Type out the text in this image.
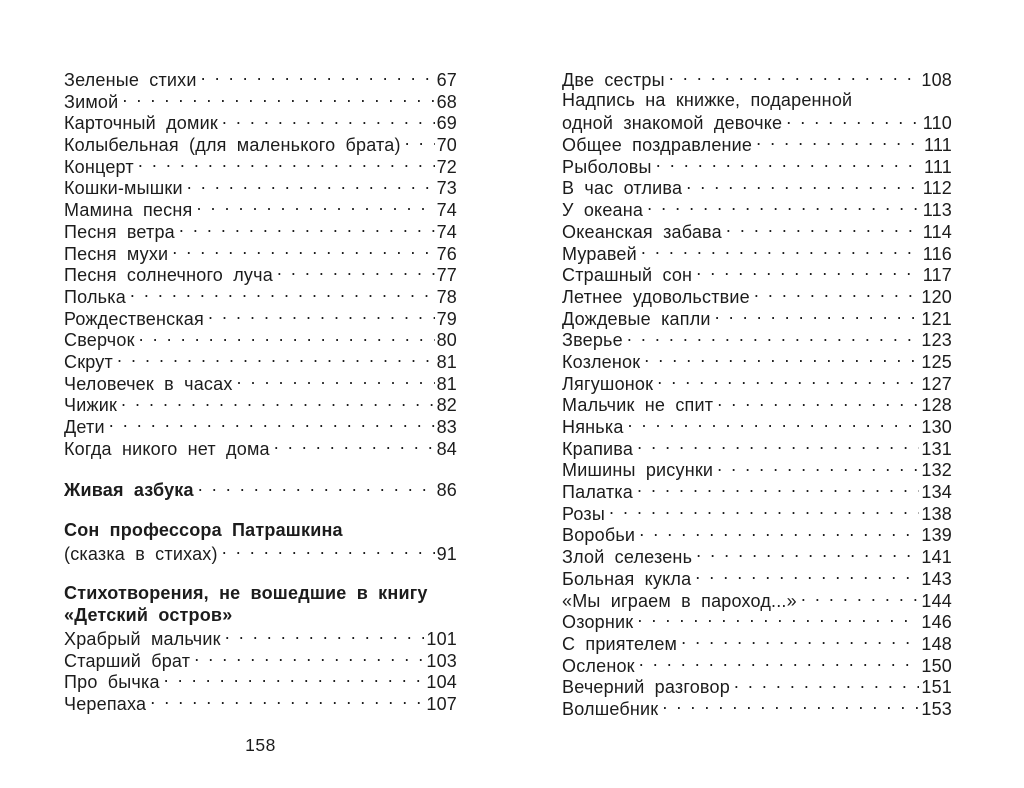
Зеленые стихи . . .	67
Зимой . . .	68
Карточный домик . . .	69
Колыбельная (для маленького брата) . . . 70
Концерт . . .	72
Кошки-мышки . . .	73
Мамина песня . . .	74
Песня ветра . . .	74
Песня мухи . . .	76
Песня солнечного луча . . .	77
Полька . . .	78
Рождественская . . .	79
Сверчок . . .	80
Скрут . . .	81
Человечек в часах . . .	81
Чижик . . .	82
Дети . . .	83
Когда никого нет дома . . .	84
Живая азбука . . .	86
Сон профессора Патрашкина
(сказка в стихах) . . .	91
Стихотворения, не вошедшие в книгу
«Детский остров»
Храбрый мальчик . . .	101
Старший брат . . .	103
Про бычка . . .	104
Черепаха . . .	107
Две сестры . . .	108
Надпись на книжке, подаренной
одной знакомой девочке . . .	110
Общее поздравление . . .	111
Рыболовы . . .	111
В час отлива . . .	112
У океана . . .	113
Океанская забава . . .	114
Муравей . . .	116
Страшный сон . . .	117
Летнее удовольствие . . .	120
Дождевые капли . . .	121
Зверье . . .	123
Козленок . . .	125
Лягушонок . . .	127
Мальчик не спит . . .	128
Нянька . . .	130
Крапива . . .	131
Мишины рисунки . . .	132
Палатка . . .	134
Розы . . .	138
Воробьи . . .	139
Злой селезень . . .	141
Больная кукла . . .	143
«Мы играем в пароход...» . . .	144
Озорник . . .	146
С приятелем . . .	148
Осленок . . .	150
Вечерний разговор . . .	151
Волшебник . . .	153
158
